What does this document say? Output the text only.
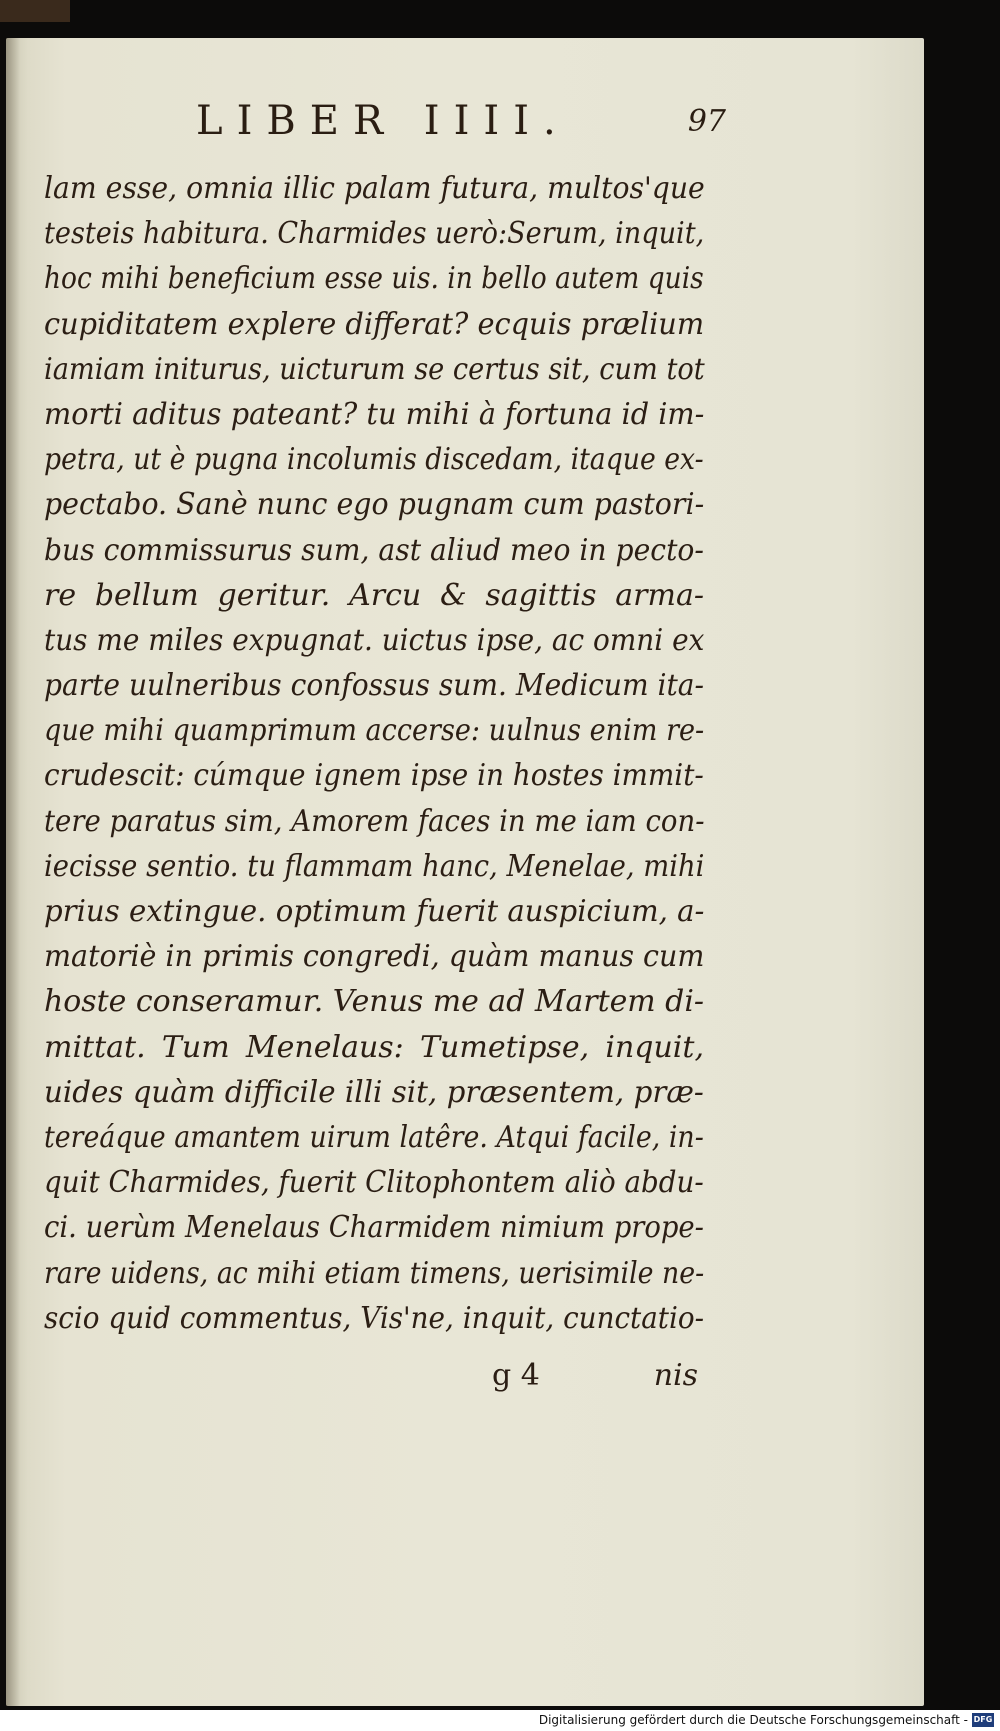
LIBER IIII.	97
lam esse, omnia illic palam futura, multos'que
testeis habitura. Charmides uerò:Serum, inquit,
hoc mihi beneficium esse uis. in bello autem quis
cupiditatem explere differat? ecquis prælium
iamiam initurus, uicturum se certus sit, cum tot
morti aditus pateant? tu mihi à fortuna id im-
petra, ut è pugna incolumis discedam, itaque ex-
pectabo. Sanè nunc ego pugnam cum pastori-
bus commissurus sum, ast aliud meo in pecto-
re bellum geritur. Arcu & sagittis arma-
tus me miles expugnat. uictus ipse, ac omni ex
parte uulneribus confossus sum. Medicum ita-
que mihi quamprimum accerse: uulnus enim re-
crudescit: cúmque ignem ipse in hostes immit-
tere paratus sim, Amorem faces in me iam con-
iecisse sentio. tu flammam hanc, Menelae, mihi
prius extingue. optimum fuerit auspicium, a-
matoriè in primis congredi, quàm manus cum
hoste conseramur. Venus me ad Martem di-
mittat. Tum Menelaus: Tumetipse, inquit,
uides quàm difficile illi sit, præsentem, præ-
tereáque amantem uirum latêre. Atqui facile, in-
quit Charmides, fuerit Clitophontem aliò abdu-
ci. uerùm Menelaus Charmidem nimium prope-
rare uidens, ac mihi etiam timens, uerisimile ne-
scio quid commentus, Vis'ne, inquit, cunctatio-
g 4	nis
Digitalisierung gefördert durch die Deutsche Forschungsgemeinschaft - DFG
